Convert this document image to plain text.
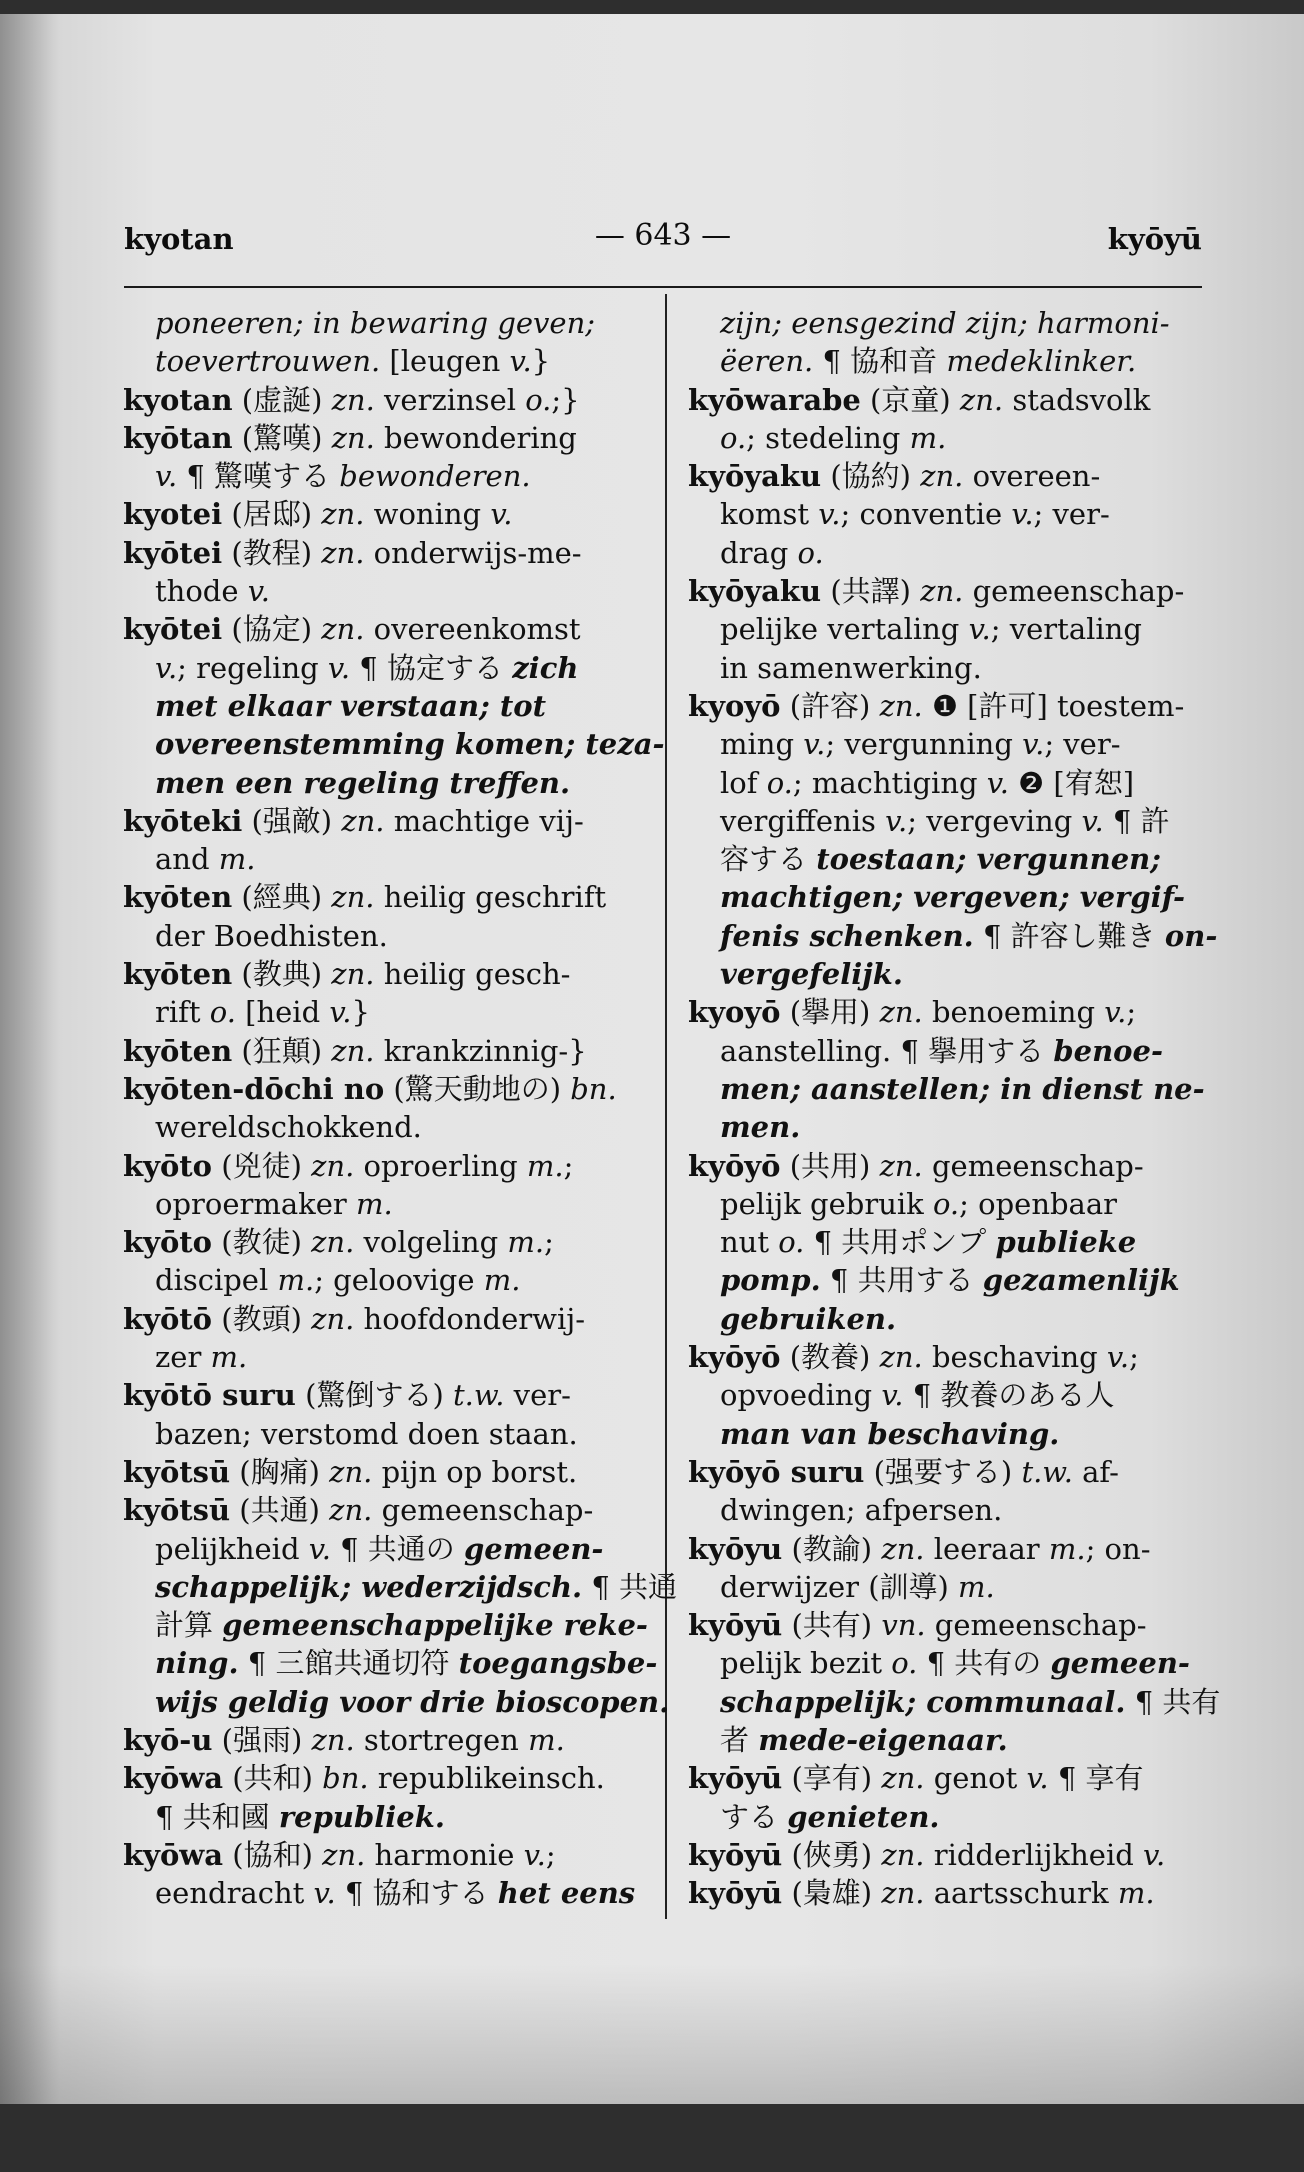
kyotan	— 643 —	kyōyū
poneeren; in bewaring geven;
toevertrouwen. [leugen v.}
kyotan (虚誕) zn. verzinsel o.;}
kyōtan (驚嘆) zn. bewondering
v. ¶ 驚嘆する bewonderen.
kyotei (居邸) zn. woning v.
kyōtei (教程) zn. onderwijs-me-
thode v.
kyōtei (協定) zn. overeenkomst
v.; regeling v. ¶ 協定する zich
met elkaar verstaan; tot
overeenstemming komen; teza-
men een regeling treffen.
kyōteki (强敵) zn. machtige vij-
and m.
kyōten (經典) zn. heilig geschrift
der Boedhisten.
kyōten (教典) zn. heilig gesch-
rift o. [heid v.}
kyōten (狂顛) zn. krankzinnig-}
kyōten-dōchi no (驚天動地の) bn.
wereldschokkend.
kyōto (兇徒) zn. oproerling m.;
oproermaker m.
kyōto (教徒) zn. volgeling m.;
discipel m.; geloovige m.
kyōtō (教頭) zn. hoofdonderwij-
zer m.
kyōtō suru (驚倒する) t.w. ver-
bazen; verstomd doen staan.
kyōtsū (胸痛) zn. pijn op borst.
kyōtsū (共通) zn. gemeenschap-
pelijkheid v. ¶ 共通の gemeen-
schappelijk; wederzijdsch. ¶ 共通
計算 gemeenschappelijke reke-
ning. ¶ 三館共通切符 toegangsbe-
wijs geldig voor drie bioscopen.
kyō-u (强雨) zn. stortregen m.
kyōwa (共和) bn. republikeinsch.
¶ 共和國 republiek.
kyōwa (協和) zn. harmonie v.;
eendracht v. ¶ 協和する het eens
zijn; eensgezind zijn; harmoni-
ëeren. ¶ 協和音 medeklinker.
kyōwarabe (京童) zn. stadsvolk
o.; stedeling m.
kyōyaku (協約) zn. overeen-
komst v.; conventie v.; ver-
drag o.
kyōyaku (共譯) zn. gemeenschap-
pelijke vertaling v.; vertaling
in samenwerking.
kyoyō (許容) zn. ❶ [許可] toestem-
ming v.; vergunning v.; ver-
lof o.; machtiging v. ❷ [宥恕]
vergiffenis v.; vergeving v. ¶ 許
容する toestaan; vergunnen;
machtigen; vergeven; vergif-
fenis schenken. ¶ 許容し難き on-
vergefelijk.
kyoyō (擧用) zn. benoeming v.;
aanstelling. ¶ 擧用する benoe-
men; aanstellen; in dienst ne-
men.
kyōyō (共用) zn. gemeenschap-
pelijk gebruik o.; openbaar
nut o. ¶ 共用ポンプ publieke
pomp. ¶ 共用する gezamenlijk
gebruiken.
kyōyō (教養) zn. beschaving v.;
opvoeding v. ¶ 教養のある人
man van beschaving.
kyōyō suru (强要する) t.w. af-
dwingen; afpersen.
kyōyu (教諭) zn. leeraar m.; on-
derwijzer (訓導) m.
kyōyū (共有) vn. gemeenschap-
pelijk bezit o. ¶ 共有の gemeen-
schappelijk; communaal. ¶ 共有
者 mede-eigenaar.
kyōyū (享有) zn. genot v. ¶ 享有
する genieten.
kyōyū (俠勇) zn. ridderlijkheid v.
kyōyū (梟雄) zn. aartsschurk m.
